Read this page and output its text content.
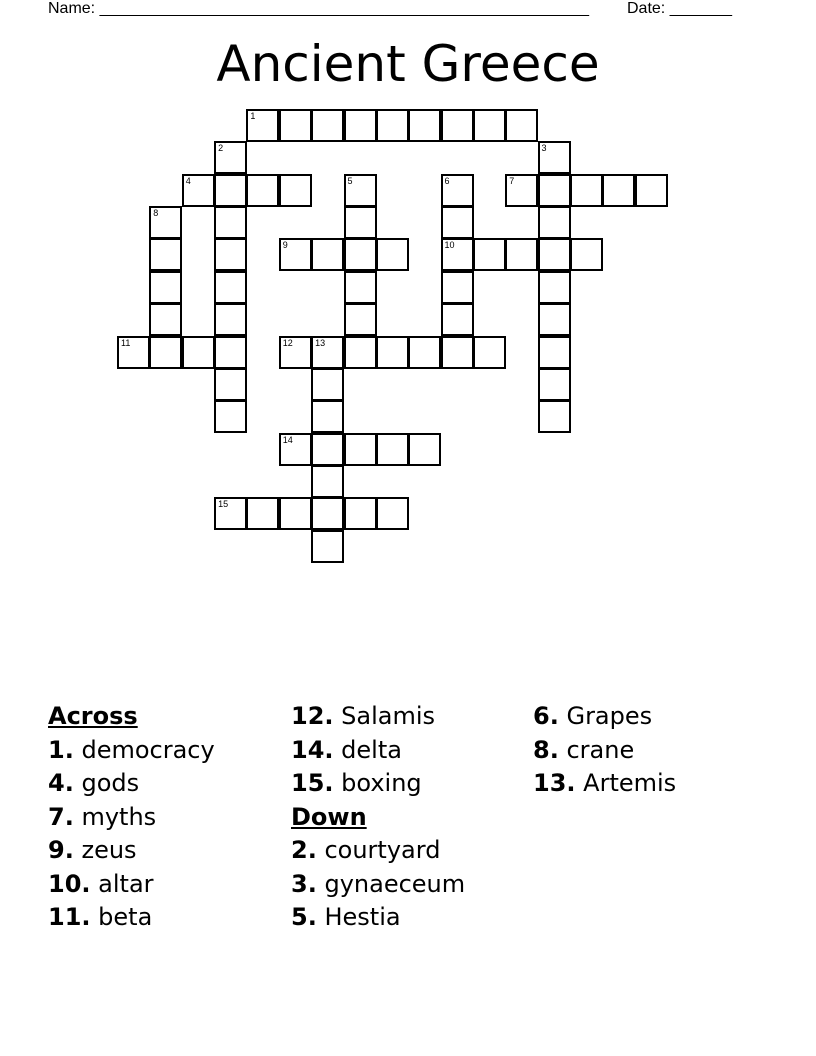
Name: _______________________________________________________ Date: _______
Ancient Greece
1
2	3
4	5	6
10
7
8
9
11	12 13
14
15
Across
1. democracy
4. gods
7. myths
9. zeus
10. altar
11. beta
12. Salamis
14. delta
15. boxing
Down
2. courtyard
3. gynaeceum
5. Hestia
6. Grapes
8. crane
13. Artemis
